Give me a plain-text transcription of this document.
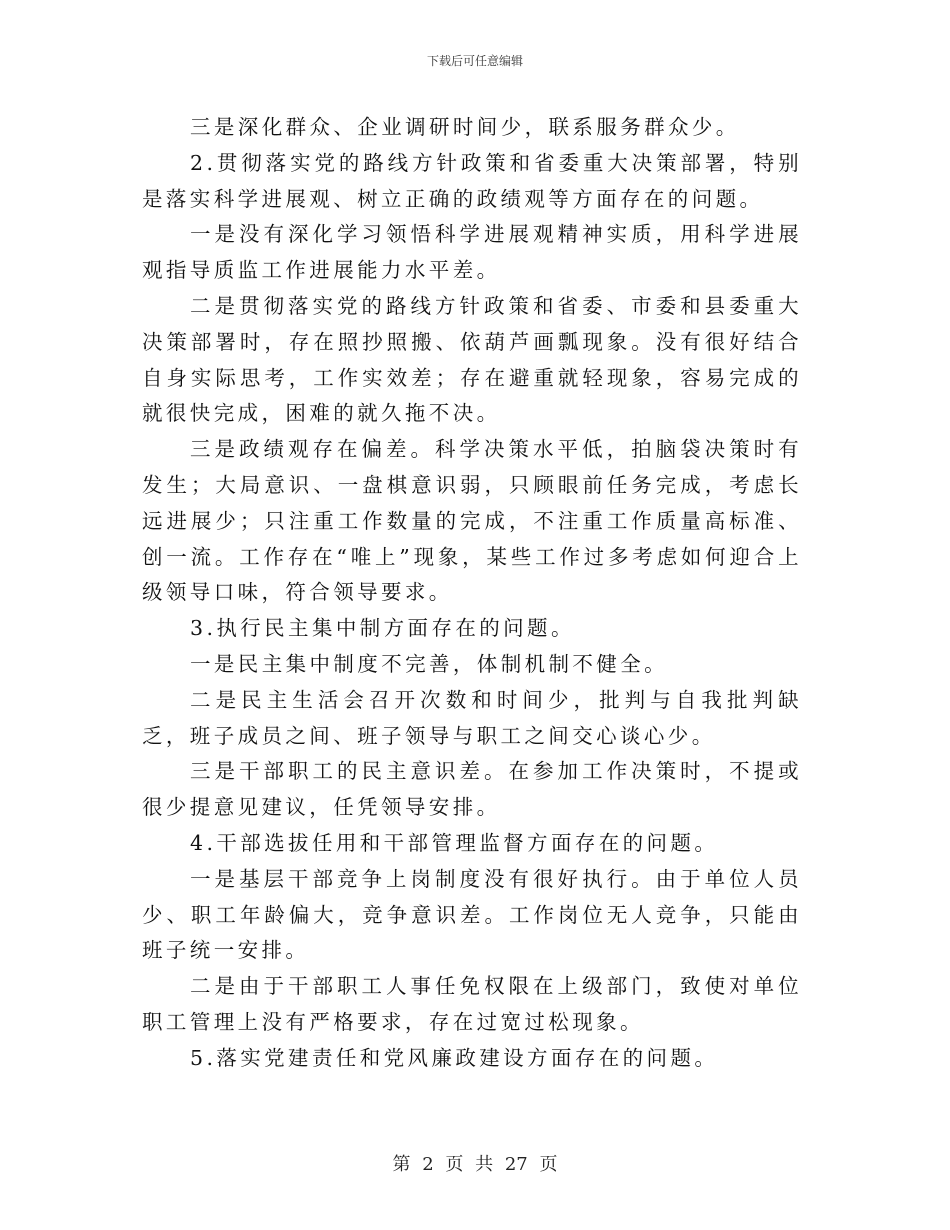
下载后可任意编辑

三是深化群众、企业调研时间少，联系服务群众少。

2.贯彻落实党的路线方针政策和省委重大决策部署，特别是落实科学进展观、树立正确的政绩观等方面存在的问题。

一是没有深化学习领悟科学进展观精神实质，用科学进展观指导质监工作进展能力水平差。

二是贯彻落实党的路线方针政策和省委、市委和县委重大决策部署时，存在照抄照搬、依葫芦画瓢现象。没有很好结合自身实际思考，工作实效差；存在避重就轻现象，容易完成的就很快完成，困难的就久拖不决。

三是政绩观存在偏差。科学决策水平低，拍脑袋决策时有发生；大局意识、一盘棋意识弱，只顾眼前任务完成，考虑长远进展少；只注重工作数量的完成，不注重工作质量高标准、创一流。工作存在“唯上”现象，某些工作过多考虑如何迎合上级领导口味，符合领导要求。

3.执行民主集中制方面存在的问题。

一是民主集中制度不完善，体制机制不健全。

二是民主生活会召开次数和时间少，批判与自我批判缺乏，班子成员之间、班子领导与职工之间交心谈心少。

三是干部职工的民主意识差。在参加工作决策时，不提或很少提意见建议，任凭领导安排。

4.干部选拔任用和干部管理监督方面存在的问题。

一是基层干部竞争上岗制度没有很好执行。由于单位人员少、职工年龄偏大，竞争意识差。工作岗位无人竞争，只能由班子统一安排。

二是由于干部职工人事任免权限在上级部门，致使对单位职工管理上没有严格要求，存在过宽过松现象。

5.落实党建责任和党风廉政建设方面存在的问题。

第 2 页 共 27 页
